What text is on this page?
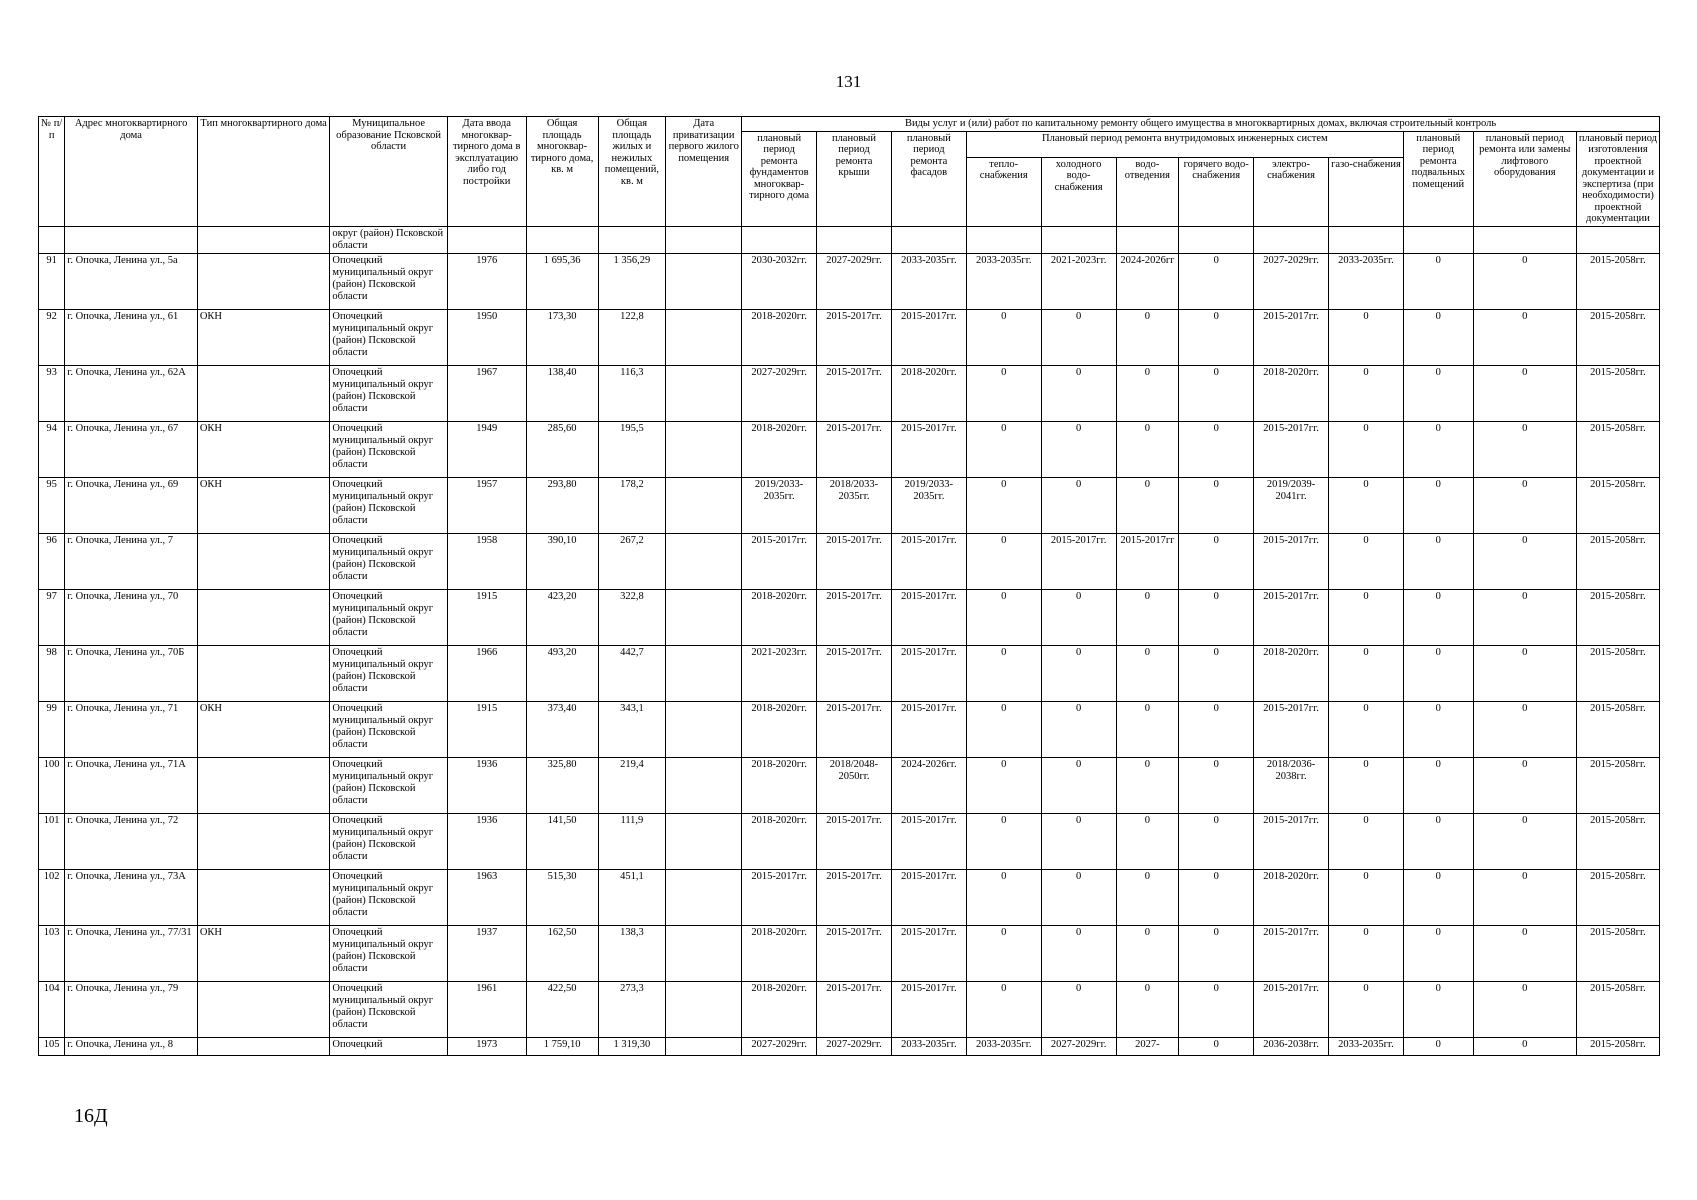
131
№ п/п	Адрес многоквартирного дома	Тип многоквартирного дома	Муниципальное образование Псковской области	Дата ввода многоквар-тирного дома в эксплуатацию либо год постройки	Общая площадь многоквар-тирного дома, кв. м	Общая площадь жилых и нежилых помещений, кв. м	Дата приватизации первого жилого помещения	Виды услуг и (или) работ по капитальному ремонту общего имущества в многоквартирных домах, включая строительный контроль											
								плановый период ремонта фундаментов многоквар-тирного дома	плановый период ремонта крыши	плановый период ремонта фасадов	Плановый период ремонта внутридомовых инженерных систем						плановый период ремонта подвальных помещений	плановый период ремонта или замены лифтового оборудования	плановый период изготовления проектной документации и экспертиза (при необходимости) проектной документации
											тепло-снабжения	холодного водо-снабжения	водо-отведения	горячего водо-снабжения	электро-снабжения	газо-снабжения			
			округ (район) Псковской области																
91	г. Опочка, Ленина ул., 5а		Опочецкий муниципальный округ (район) Псковской области	1976	1 695,36	1 356,29		2030-2032гг.	2027-2029гг.	2033-2035гг.	2033-2035гг.	2021-2023гг.	2024-2026гг	0	2027-2029гг.	2033-2035гг.	0	0	2015-2058гг.
92	г. Опочка, Ленина ул., 61	ОКН	Опочецкий муниципальный округ (район) Псковской области	1950	173,30	122,8		2018-2020гг.	2015-2017гг.	2015-2017гг.	0	0	0	0	2015-2017гг.	0	0	0	2015-2058гг.
93	г. Опочка, Ленина ул., 62А		Опочецкий муниципальный округ (район) Псковской области	1967	138,40	116,3		2027-2029гг.	2015-2017гг.	2018-2020гг.	0	0	0	0	2018-2020гг.	0	0	0	2015-2058гг.
94	г. Опочка, Ленина ул., 67	ОКН	Опочецкий муниципальный округ (район) Псковской области	1949	285,60	195,5		2018-2020гг.	2015-2017гг.	2015-2017гг.	0	0	0	0	2015-2017гг.	0	0	0	2015-2058гг.
95	г. Опочка, Ленина ул., 69	ОКН	Опочецкий муниципальный округ (район) Псковской области	1957	293,80	178,2		2019/2033-2035гг.	2018/2033-2035гг.	2019/2033-2035гг.	0	0	0	0	2019/2039-2041гг.	0	0	0	2015-2058гг.
96	г. Опочка, Ленина ул., 7		Опочецкий муниципальный округ (район) Псковской области	1958	390,10	267,2		2015-2017гг.	2015-2017гг.	2015-2017гг.	0	2015-2017гг.	2015-2017гг	0	2015-2017гг.	0	0	0	2015-2058гг.
97	г. Опочка, Ленина ул., 70		Опочецкий муниципальный округ (район) Псковской области	1915	423,20	322,8		2018-2020гг.	2015-2017гг.	2015-2017гг.	0	0	0	0	2015-2017гг.	0	0	0	2015-2058гг.
98	г. Опочка, Ленина ул., 70Б		Опочецкий муниципальный округ (район) Псковской области	1966	493,20	442,7		2021-2023гг.	2015-2017гг.	2015-2017гг.	0	0	0	0	2018-2020гг.	0	0	0	2015-2058гг.
99	г. Опочка, Ленина ул., 71	ОКН	Опочецкий муниципальный округ (район) Псковской области	1915	373,40	343,1		2018-2020гг.	2015-2017гг.	2015-2017гг.	0	0	0	0	2015-2017гг.	0	0	0	2015-2058гг.
100	г. Опочка, Ленина ул., 71А		Опочецкий муниципальный округ (район) Псковской области	1936	325,80	219,4		2018-2020гг.	2018/2048-2050гг.	2024-2026гг.	0	0	0	0	2018/2036-2038гг.	0	0	0	2015-2058гг.
101	г. Опочка, Ленина ул., 72		Опочецкий муниципальный округ (район) Псковской области	1936	141,50	111,9		2018-2020гг.	2015-2017гг.	2015-2017гг.	0	0	0	0	2015-2017гг.	0	0	0	2015-2058гг.
102	г. Опочка, Ленина ул., 73А		Опочецкий муниципальный округ (район) Псковской области	1963	515,30	451,1		2015-2017гг.	2015-2017гг.	2015-2017гг.	0	0	0	0	2018-2020гг.	0	0	0	2015-2058гг.
103	г. Опочка, Ленина ул., 77/31	ОКН	Опочецкий муниципальный округ (район) Псковской области	1937	162,50	138,3		2018-2020гг.	2015-2017гг.	2015-2017гг.	0	0	0	0	2015-2017гг.	0	0	0	2015-2058гг.
104	г. Опочка, Ленина ул., 79		Опочецкий муниципальный округ (район) Псковской области	1961	422,50	273,3		2018-2020гг.	2015-2017гг.	2015-2017гг.	0	0	0	0	2015-2017гг.	0	0	0	2015-2058гг.
105	г. Опочка, Ленина ул., 8		Опочецкий	1973	1 759,10	1 319,30		2027-2029гг.	2027-2029гг.	2033-2035гг.	2033-2035гг.	2027-2029гг.	2027-	0	2036-2038гг.	2033-2035гг.	0	0	2015-2058гг.
16Д
